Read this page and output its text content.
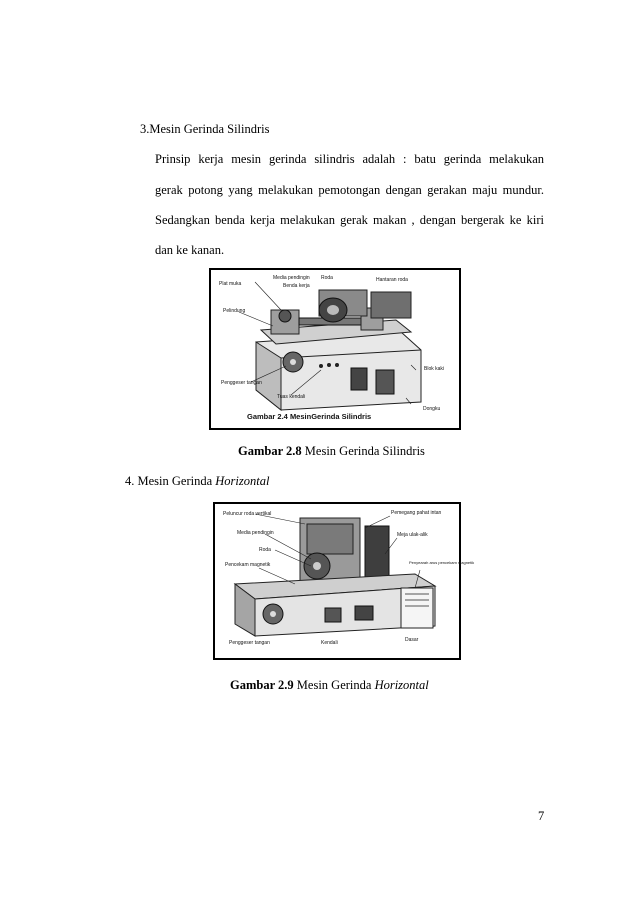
3.Mesin Gerinda Silindris
Prinsip kerja mesin gerinda silindris adalah : batu gerinda melakukan
gerak potong yang melakukan pemotongan dengan gerakan maju mundur.
Sedangkan benda kerja melakukan gerak makan , dengan bergerak ke kiri
dan ke kanan.
Media pendingin Roda	Hantaran roda
Plat muka	Benda kerja
Pelindung
Blok kaki
Penggeser tangan
Tuas kendali
Dongku
Gambar 2.4 MesinGerinda Silindris
Gambar 2.8 Mesin Gerinda Silindris
4. Mesin Gerinda Horizontal
Peluncur roda vertikal	Pemegang pahat intan
Media pendingin	Meja ulak-alik
Roda
Pencekam magnetik	Penyearah arus pencekam magnetik
Penggeser tangan	Kendali	Dasar
Gambar 2.9 Mesin Gerinda Horizontal
7
